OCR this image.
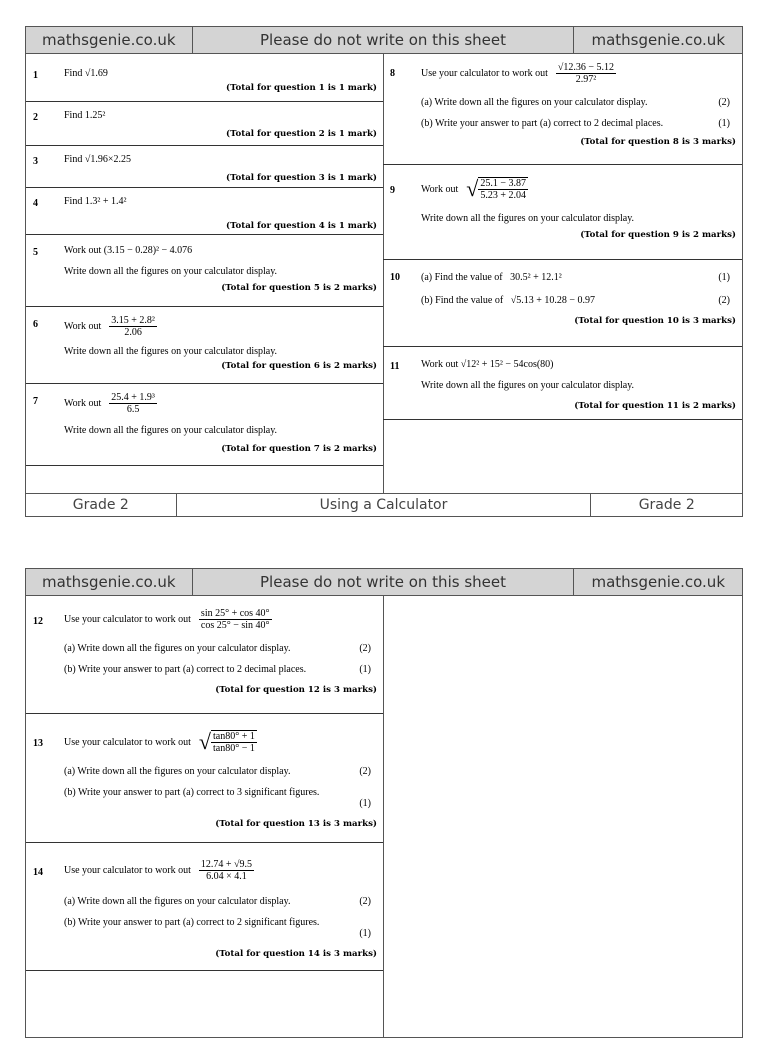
mathsgenie.co.uk	Please do not write on this sheet	mathsgenie.co.uk
1	Find √1.69
(Total for question 1 is 1 mark)
2	Find 1.25²
(Total for question 2 is 1 mark)
3	Find √1.96×2.25
(Total for question 3 is 1 mark)
4	Find 1.3² + 1.4²
(Total for question 4 is 1 mark)
5	Work out (3.15 − 0.28)² − 4.076
Write down all the figures on your calculator display.
(Total for question 5 is 2 marks)
6	Work out $\frac{\text{3.15 + 2.8²}}{2.06}$
Write down all the figures on your calculator display.
(Total for question 6 is 2 marks)
7	Work out $\frac{\text{25.4 + 1.9³}}{6.5}$
Write down all the figures on your calculator display.
(Total for question 7 is 2 marks)
8	Use your calculator to work out $\frac{√12.36 - 5.12}{\text{2.97²}}$
(a) Write down all the figures on your calculator display.	(2)
(b) Write your answer to part (a) correct to 2 decimal places.	(1)
(Total for question 8 is 3 marks)
9	Work out √ $\frac{25.1 - 3.87}{5.23 + 2.04}$
Write down all the figures on your calculator display.
(Total for question 9 is 2 marks)
10 (a) Find the value of 30.5² + 12.1²	(1)
(b) Find the value of √5.13 + 10.28 − 0.97	(2)
(Total for question 10 is 3 marks)
11	Work out √12² + 15² − 54cos(80)
Write down all the figures on your calculator display.
(Total for question 11 is 2 marks)
Grade 2	Using a Calculator	Grade 2
mathsgenie.co.uk	Please do not write on this sheet	mathsgenie.co.uk
12 Use your calculator to work out $\frac{\sin 25^\circ + \cos 40^\circ}{\cos 25^\circ - \sin 40^\circ}$
(a) Write down all the figures on your calculator display.	(2)
(b) Write your answer to part (a) correct to 2 decimal places.	(1)
(Total for question 12 is 3 marks)
13 Use your calculator to work out √ $\frac{\tan 80^\circ + 1}{\tan 80^\circ - 1}$
(a) Write down all the figures on your calculator display.	(2)
(b) Write your answer to part (a) correct to 3 significant figures.
(1)
(Total for question 13 is 3 marks)
14 Use your calculator to work out $\frac{12.74 + √9.5}{6.04 \times 4.1}$
(a) Write down all the figures on your calculator display.	(2)
(b) Write your answer to part (a) correct to 2 significant figures.
(1)
(Total for question 14 is 3 marks)
